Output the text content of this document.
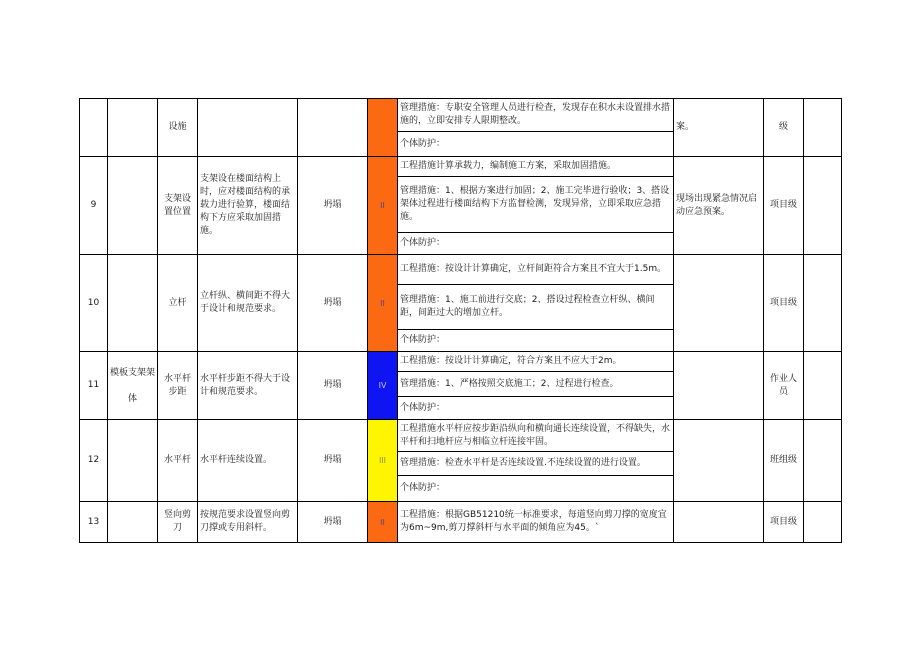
		设施				管理措施：专职安全管理人员进行检查，发现存在积水未设置排水措施的，立即安排专人限期整改。	案。	级	
						个体防护：			
9		支架设置位置	支架设在楼面结构上时，应对楼面结构的承载力进行验算，楼面结构下方应采取加固措施。	坍塌	II	工程措施计算承载力，编制施工方案，采取加固措施。	现场出现紧急情况启动应急预案。	项目级	
						管理措施：1、根据方案进行加固；2、施工完毕进行验收；3、搭设架体过程进行楼面结构下方监督检测，发现异常，立即采取应急措施。			
						个体防护：			
10		立杆	立杆纵、横间距不得大于设计和规范要求。	坍塌	II	工程措施：按设计计算确定，立杆间距符合方案且不宜大于1.5m。		项目级	
						管理措施：1、施工前进行交底；2、搭设过程检查立杆纵、横间距，间距过大的增加立杆。			
						个体防护：			
11	模板支架架体	水平杆步距	水平杆步距不得大于设计和规范要求。	坍塌	IV	工程措施：按设计计算确定，符合方案且不应大于2m。		作业人员	
						管理措施：1、严格按照交底施工；2、过程进行检查。			
						个体防护：			
12		水平杆	水平杆连续设置。	坍塌	III	工程措施水平杆应按步距沿纵向和横向通长连续设置，不得缺失，水平杆和扫地杆应与相临立杆连接牢固。		班组级	
						管理措施：检查水平杆是否连续设置.不连续设置的进行设置。			
						个体防护：			
13		竖向剪刀	按规范要求设置竖向剪刀撑或专用斜杆。	坍塌	II	工程措施：根据GB51210统一标准要求，每道竖向剪刀撑的宽度宜为6m~9m,剪刀撑斜杆与水平面的倾角应为45。`		项目级	
